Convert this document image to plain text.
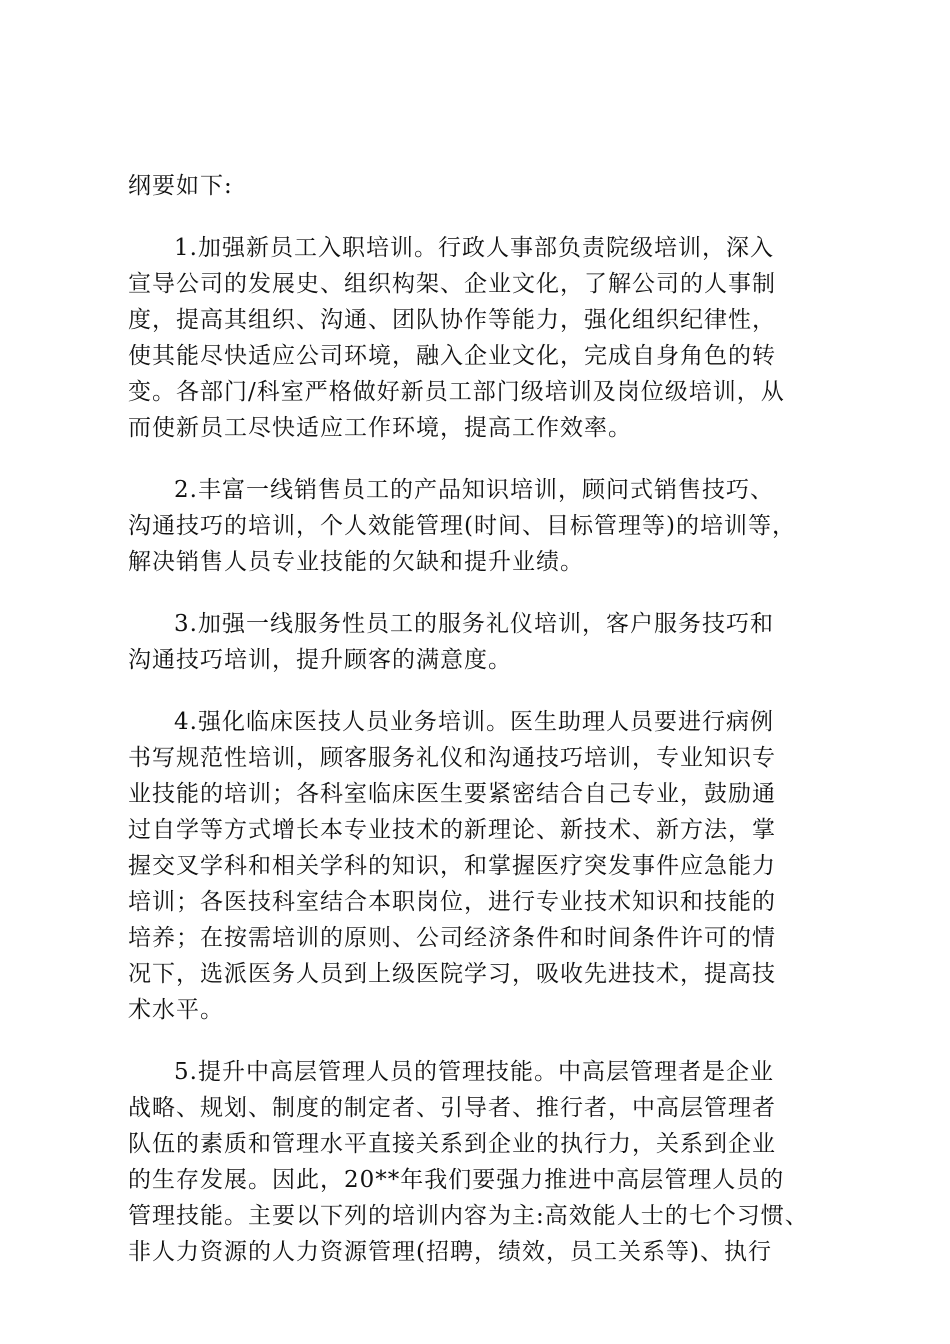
纲要如下:

1.加强新员工入职培训。行政人事部负责院级培训，深入
宣导公司的发展史、组织构架、企业文化，了解公司的人事制
度，提高其组织、沟通、团队协作等能力，强化组织纪律性，
使其能尽快适应公司环境，融入企业文化，完成自身角色的转
变。各部门/科室严格做好新员工部门级培训及岗位级培训，从
而使新员工尽快适应工作环境，提高工作效率。
2.丰富一线销售员工的产品知识培训，顾问式销售技巧、
沟通技巧的培训，个人效能管理(时间、目标管理等)的培训等，
解决销售人员专业技能的欠缺和提升业绩。
3.加强一线服务性员工的服务礼仪培训，客户服务技巧和
沟通技巧培训，提升顾客的满意度。
4.强化临床医技人员业务培训。医生助理人员要进行病例
书写规范性培训，顾客服务礼仪和沟通技巧培训，专业知识专
业技能的培训；各科室临床医生要紧密结合自己专业，鼓励通
过自学等方式增长本专业技术的新理论、新技术、新方法，掌
握交叉学科和相关学科的知识，和掌握医疗突发事件应急能力
培训；各医技科室结合本职岗位，进行专业技术知识和技能的
培养；在按需培训的原则、公司经济条件和时间条件许可的情
况下，选派医务人员到上级医院学习，吸收先进技术，提高技
术水平。
5.提升中高层管理人员的管理技能。中高层管理者是企业
战略、规划、制度的制定者、引导者、推行者，中高层管理者
队伍的素质和管理水平直接关系到企业的执行力，关系到企业
的生存发展。因此，20**年我们要强力推进中高层管理人员的
管理技能。主要以下列的培训内容为主:高效能人士的七个习惯、
非人力资源的人力资源管理(招聘，绩效，员工关系等)、执行
